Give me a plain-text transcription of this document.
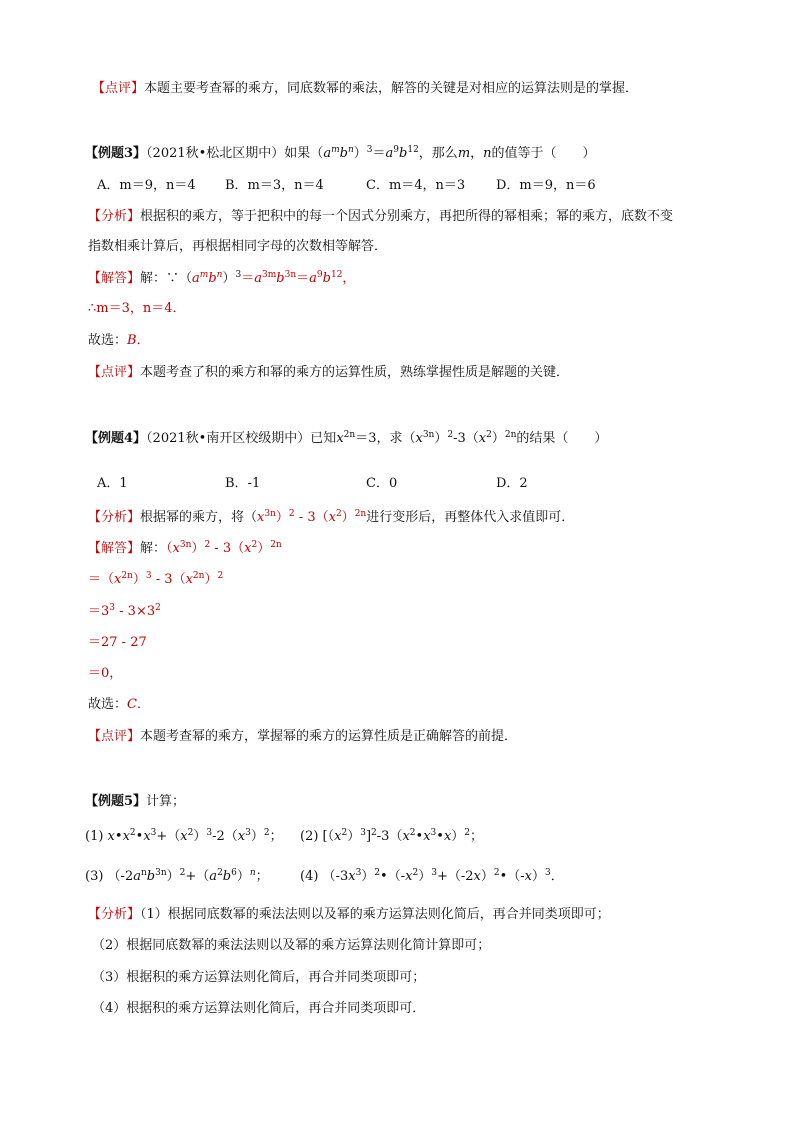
【点评】本题主要考查幂的乘方，同底数幂的乘法，解答的关键是对相应的运算法则是的掌握．
【例题3】（2021秋•松北区期中）如果$(a^mb^n)^3=a^9b^{12}$，那么m，n的值等于（　　）
A．m＝9，n＝4 B．m＝3，n＝4	C．m＝4，n＝3 D．m＝9，n＝6
【分析】根据积的乘方，等于把积中的每一个因式分别乘方，再把所得的幂相乘；幂的乘方，底数不变
指数相乘计算后，再根据相同字母的次数相等解答．
【解答】解：$\because(a^mb^n)^3=a^{3m}b^{3n}=a^9b^{12}$，
∴m＝3，n＝4．
故选：B．
【点评】本题考查了积的乘方和幂的乘方的运算性质，熟练掌握性质是解题的关键．
【例题4】（2021秋•南开区校级期中）已知$x^{2n}=3$，求$(x^{3n})^2-3(x^2)^{2n}$的结果（　　）
A．1	B．-1	C．0	D．2
【分析】根据幂的乘方，将$(x^{3n})^2 - 3(x^2)^{2n}$进行变形后，再整体代入求值即可．
【解答】解：$(x^{3n})^2 - 3(x^2)^{2n}$
$=(x^{2n})^3 - 3(x^{2n})^2$
$=3^3 - 3\times 3^2$
＝27 - 27
＝0，
故选：C．
【点评】本题考查幂的乘方，掌握幂的乘方的运算性质是正确解答的前提．
【例题5】计算；
(1) $x•x^2•x^3+(x^2)^3-2(x^3)^2$； (2) $[(x^2)^3]^2-3(x^2•x^3•x)^2$；
(3) $(-2a^nb^{3n})^2+(a^2b^6)^n$； (4) $(-3x^3)^2•(-x^2)^3+(-2x)^2•(-x)^3$．
【分析】（1）根据同底数幂的乘法法则以及幂的乘方运算法则化简后，再合并同类项即可；
（2）根据同底数幂的乘法法则以及幂的乘方运算法则化简计算即可；
（3）根据积的乘方运算法则化简后，再合并同类项即可；
（4）根据积的乘方运算法则化简后，再合并同类项即可．
